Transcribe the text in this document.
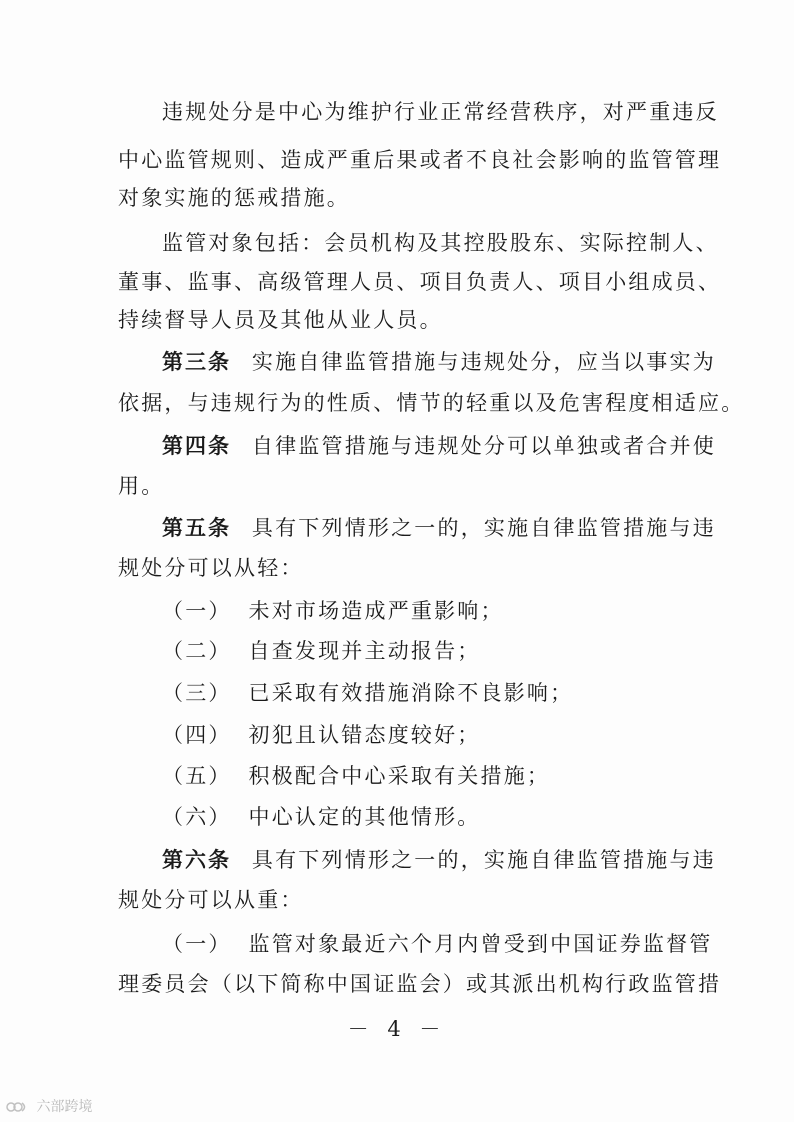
违规处分是中心为维护行业正常经营秩序，对严重违反
中心监管规则、造成严重后果或者不良社会影响的监管管理
对象实施的惩戒措施。
监管对象包括：会员机构及其控股股东、实际控制人、
董事、监事、高级管理人员、项目负责人、项目小组成员、
持续督导人员及其他从业人员。
第三条 实施自律监管措施与违规处分，应当以事实为
依据，与违规行为的性质、情节的轻重以及危害程度相适应。
第四条 自律监管措施与违规处分可以单独或者合并使
用。
第五条 具有下列情形之一的，实施自律监管措施与违
规处分可以从轻：
（一） 未对市场造成严重影响；
（二） 自查发现并主动报告；
（三） 已采取有效措施消除不良影响；
（四） 初犯且认错态度较好；
（五） 积极配合中心采取有关措施；
（六） 中心认定的其他情形。
第六条 具有下列情形之一的，实施自律监管措施与违
规处分可以从重：
（一） 监管对象最近六个月内曾受到中国证券监督管
理委员会（以下简称中国证监会）或其派出机构行政监管措
－ 4 －
六部跨境
